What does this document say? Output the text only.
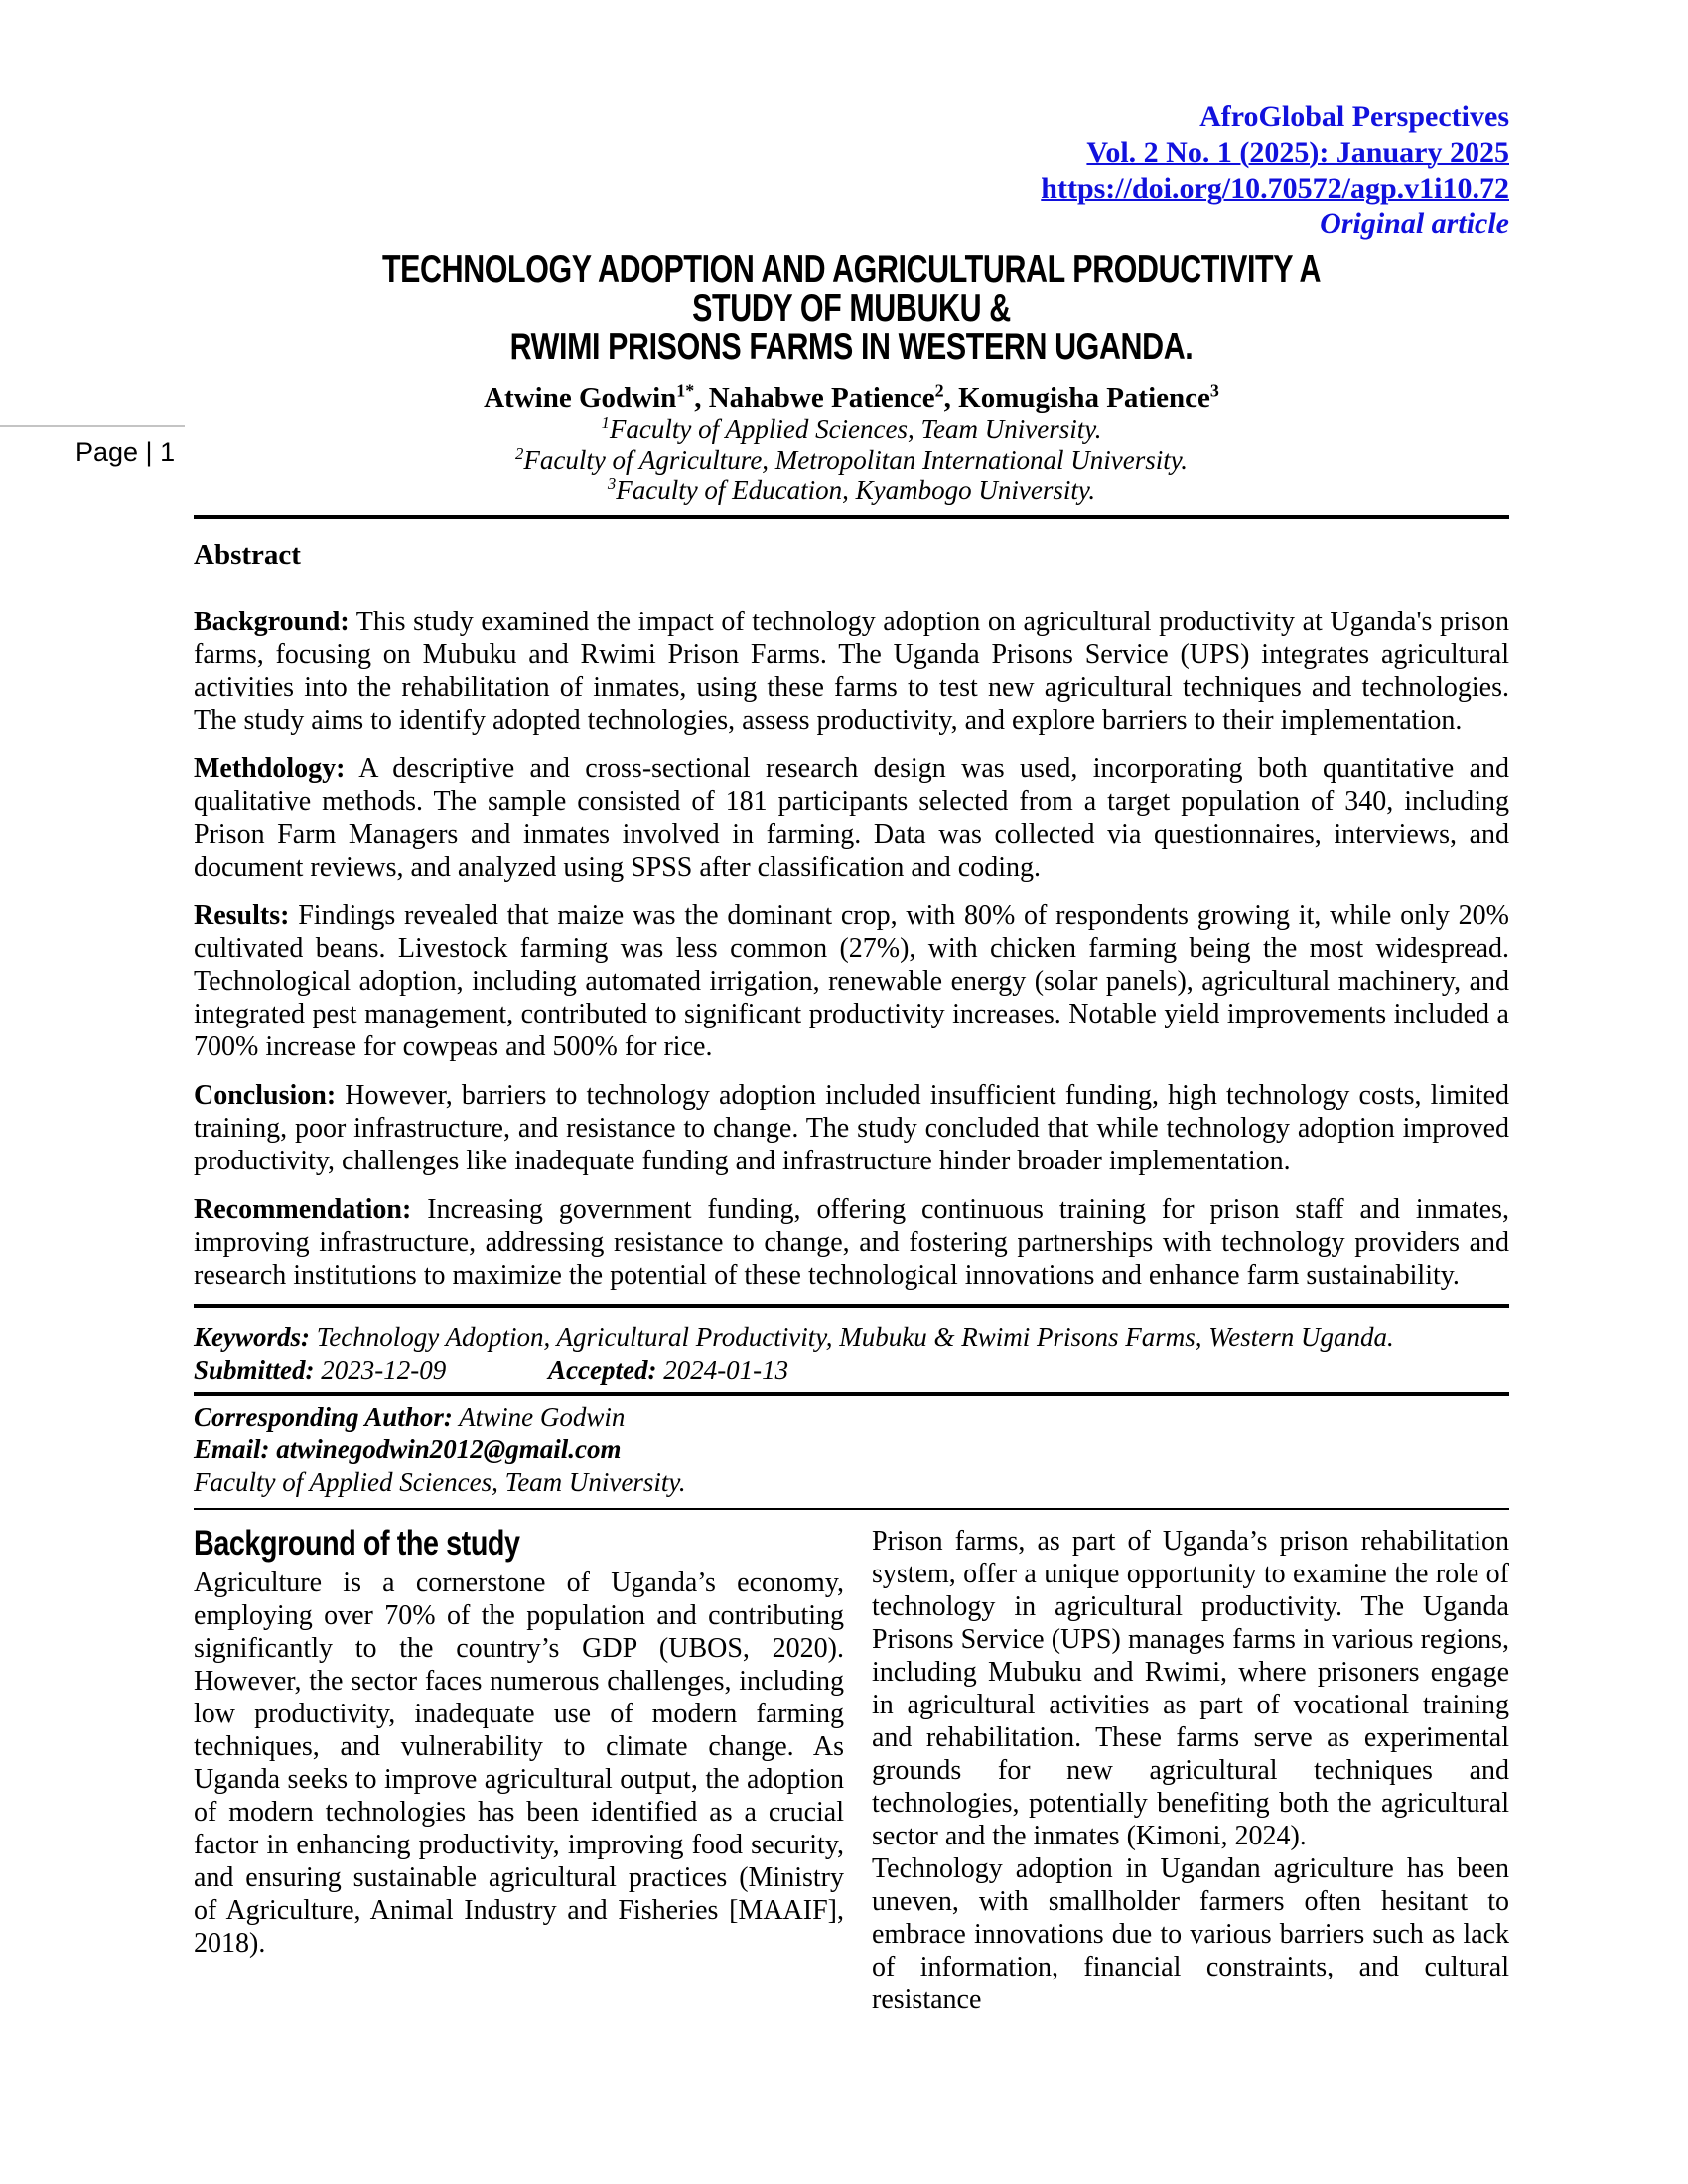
Page | 1
AfroGlobal Perspectives
Vol. 2 No. 1 (2025): January 2025
https://doi.org/10.70572/agp.v1i10.72
Original article
TECHNOLOGY ADOPTION AND AGRICULTURAL PRODUCTIVITY A STUDY OF MUBUKU &
RWIMI PRISONS FARMS IN WESTERN UGANDA.
Atwine Godwin$^{1*}$, Nahabwe Patience$^2$, Komugisha Patience$^3$
$^1$Faculty of Applied Sciences, Team University.
$^2$Faculty of Agriculture, Metropolitan International University.
$^3$Faculty of Education, Kyambogo University.
Abstract

Background: This study examined the impact of technology adoption on agricultural productivity at Uganda's prison farms, focusing on Mubuku and Rwimi Prison Farms. The Uganda Prisons Service (UPS) integrates agricultural activities into the rehabilitation of inmates, using these farms to test new agricultural techniques and technologies. The study aims to identify adopted technologies, assess productivity, and explore barriers to their implementation.

Methdology: A descriptive and cross-sectional research design was used, incorporating both quantitative and qualitative methods. The sample consisted of 181 participants selected from a target population of 340, including Prison Farm Managers and inmates involved in farming. Data was collected via questionnaires, interviews, and document reviews, and analyzed using SPSS after classification and coding.

Results: Findings revealed that maize was the dominant crop, with 80% of respondents growing it, while only 20% cultivated beans. Livestock farming was less common (27%), with chicken farming being the most widespread. Technological adoption, including automated irrigation, renewable energy (solar panels), agricultural machinery, and integrated pest management, contributed to significant productivity increases. Notable yield improvements included a 700% increase for cowpeas and 500% for rice.

Conclusion: However, barriers to technology adoption included insufficient funding, high technology costs, limited training, poor infrastructure, and resistance to change. The study concluded that while technology adoption improved productivity, challenges like inadequate funding and infrastructure hinder broader implementation.

Recommendation: Increasing government funding, offering continuous training for prison staff and inmates, improving infrastructure, addressing resistance to change, and fostering partnerships with technology providers and research institutions to maximize the potential of these technological innovations and enhance farm sustainability.

Keywords: Technology Adoption, Agricultural Productivity, Mubuku & Rwimi Prisons Farms, Western Uganda.

Submitted: 2023-12-09	Accepted: 2024-01-13

Corresponding Author: Atwine Godwin

Email: atwinegodwin2012@gmail.com

Faculty of Applied Sciences, Team University.

Background of the study

Agriculture is a cornerstone of Uganda’s economy, employing over 70% of the population and contributing significantly to the country’s GDP (UBOS, 2020). However, the sector faces numerous challenges, including low productivity, inadequate use of modern farming techniques, and vulnerability to climate change. As Uganda seeks to improve agricultural output, the adoption of modern technologies has been identified as a crucial factor in enhancing productivity, improving food security, and ensuring sustainable agricultural practices (Ministry of Agriculture, Animal Industry and Fisheries [MAAIF], 2018).

Prison farms, as part of Uganda’s prison rehabilitation system, offer a unique opportunity to examine the role of technology in agricultural productivity. The Uganda Prisons Service (UPS) manages farms in various regions, including Mubuku and Rwimi, where prisoners engage in agricultural activities as part of vocational training and rehabilitation. These farms serve as experimental grounds for new agricultural techniques and technologies, potentially benefiting both the agricultural sector and the inmates (Kimoni, 2024).

Technology adoption in Ugandan agriculture has been uneven, with smallholder farmers often hesitant to embrace innovations due to various barriers such as lack of information, financial constraints, and cultural resistance
